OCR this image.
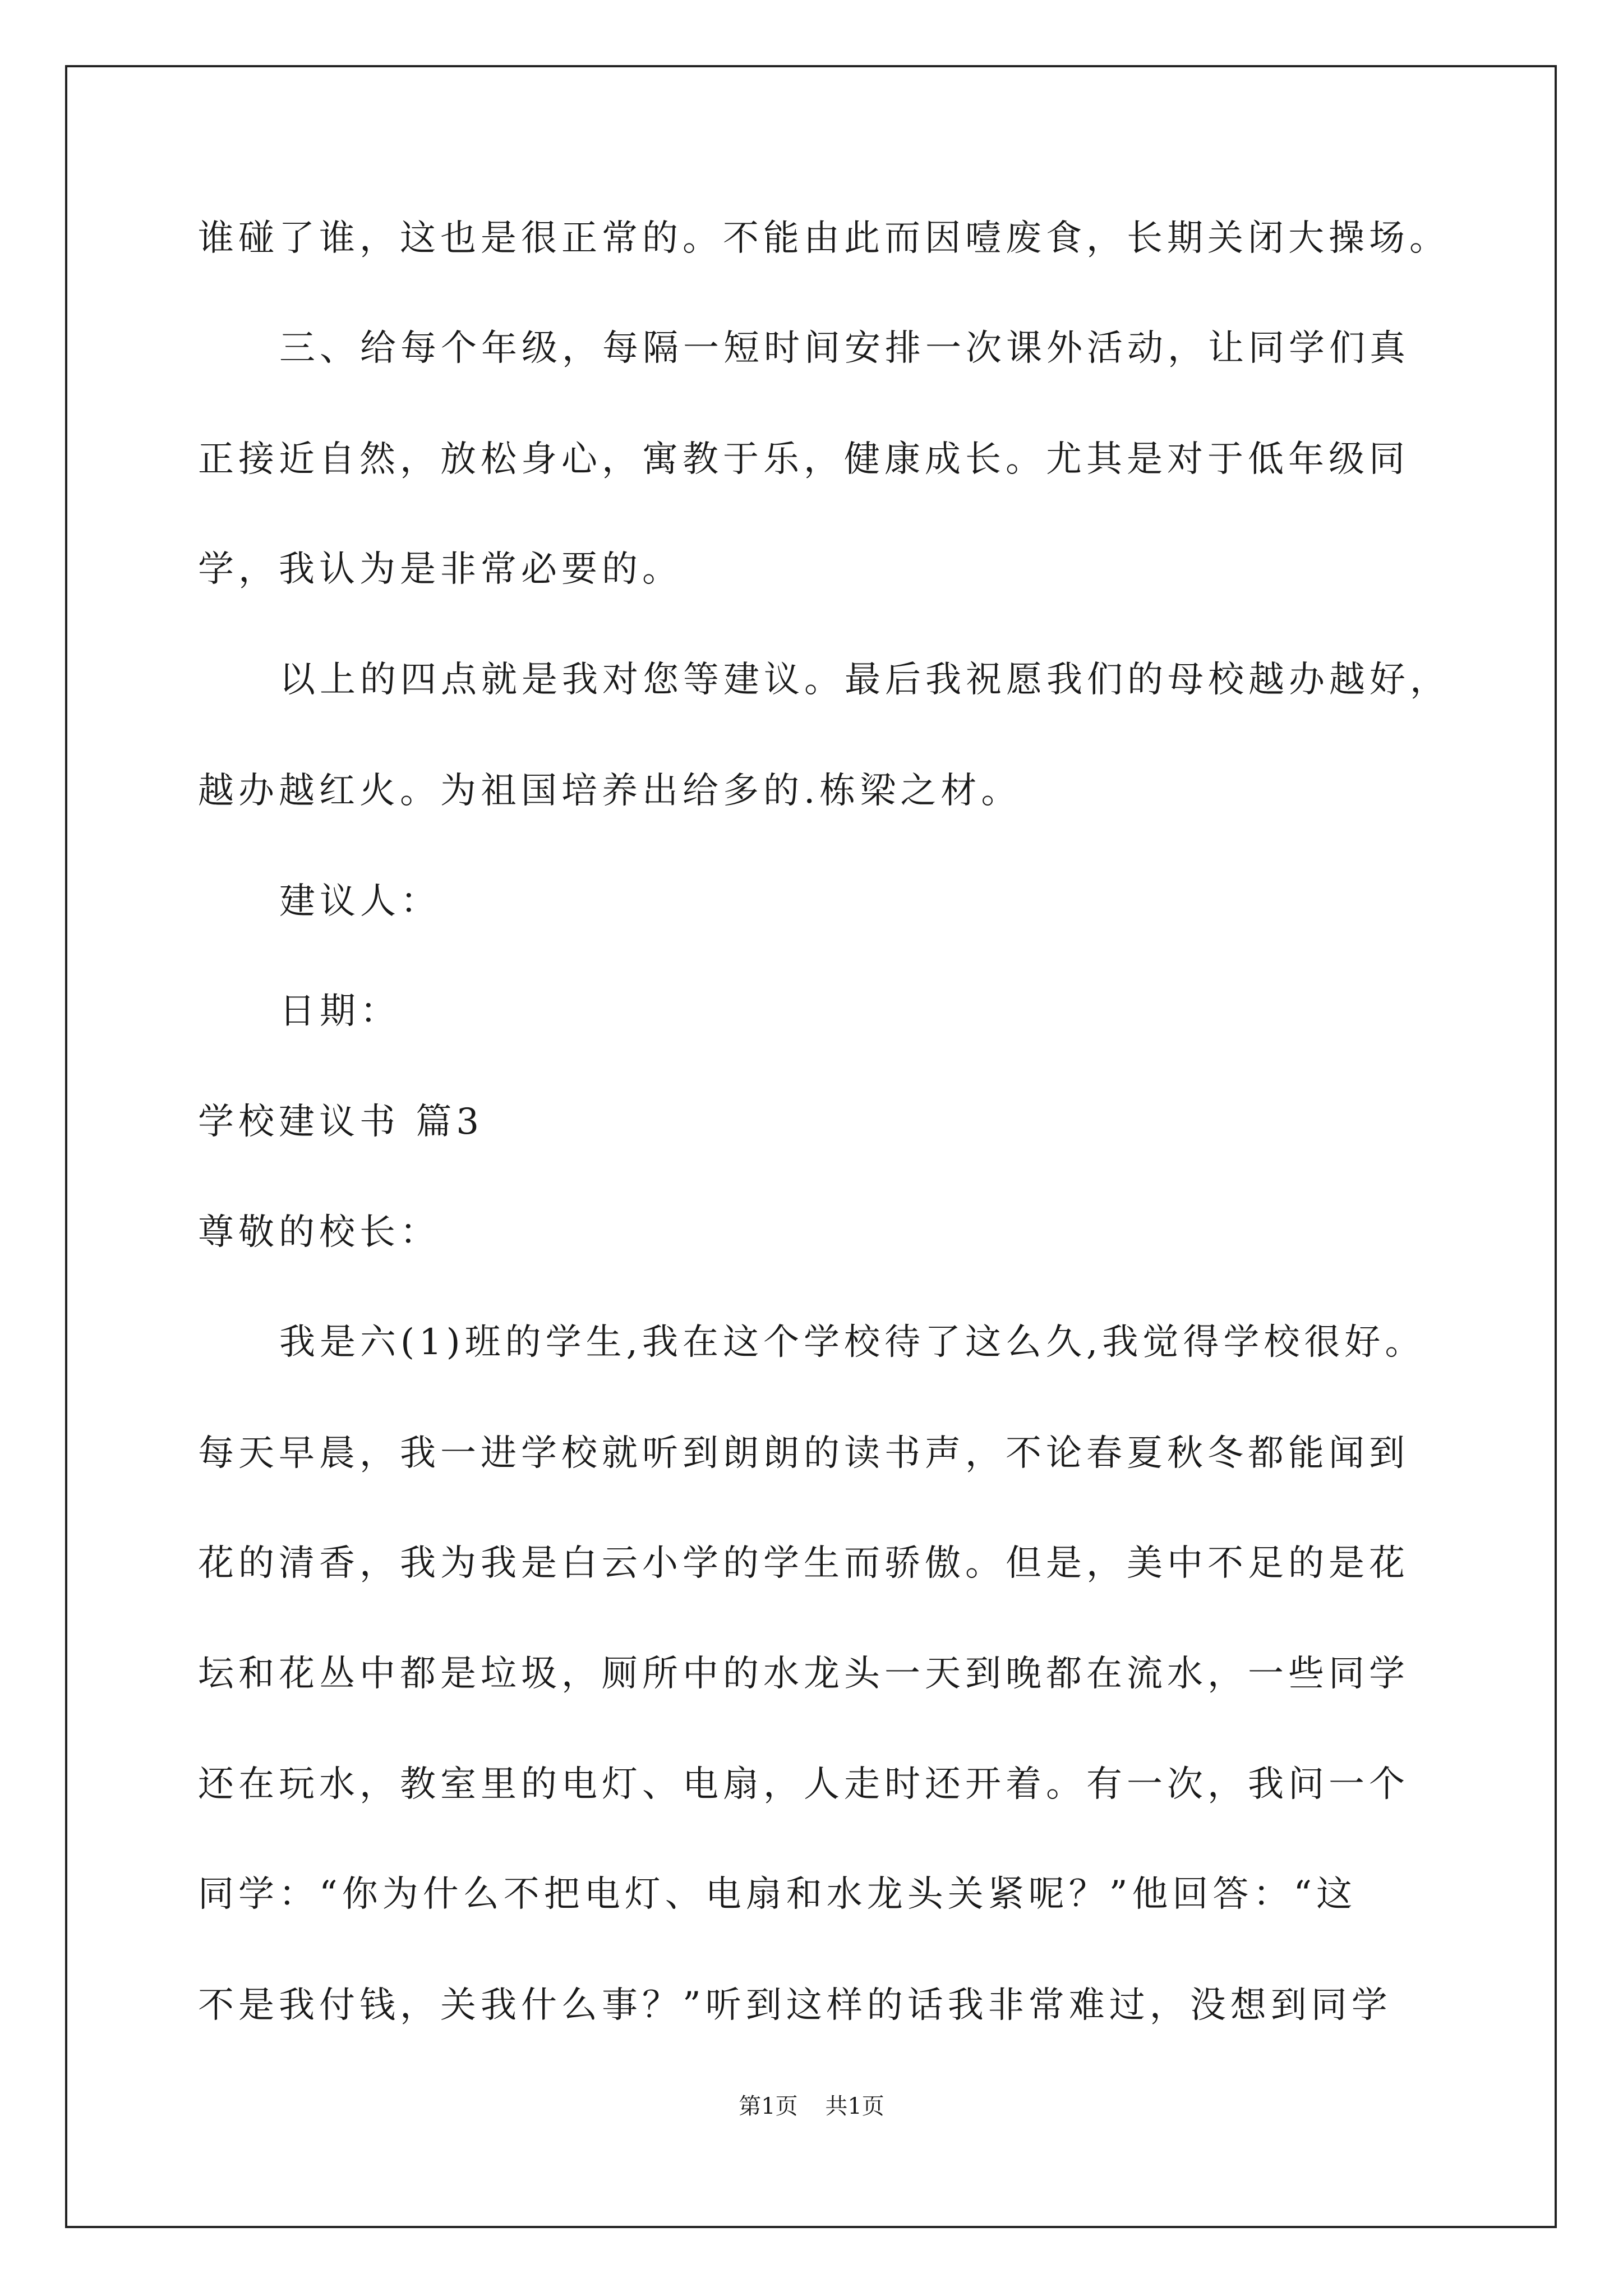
谁碰了谁，这也是很正常的。不能由此而因噎废食，长期关闭大操场。
三、给每个年级，每隔一短时间安排一次课外活动，让同学们真
正接近自然，放松身心，寓教于乐，健康成长。尤其是对于低年级同
学，我认为是非常必要的。
以上的四点就是我对您等建议。最后我祝愿我们的母校越办越好，
越办越红火。为祖国培养出给多的.栋梁之材。
建议人：
日期：
学校建议书 篇3
尊敬的校长：
我是六(1)班的学生,我在这个学校待了这么久,我觉得学校很好。
每天早晨，我一进学校就听到朗朗的读书声，不论春夏秋冬都能闻到
花的清香，我为我是白云小学的学生而骄傲。但是，美中不足的是花
坛和花丛中都是垃圾，厕所中的水龙头一天到晚都在流水，一些同学
还在玩水，教室里的电灯、电扇，人走时还开着。有一次，我问一个
同学：“你为什么不把电灯、电扇和水龙头关紧呢？”他回答：“这
不是我付钱，关我什么事？”听到这样的话我非常难过，没想到同学
第1页 共1页
